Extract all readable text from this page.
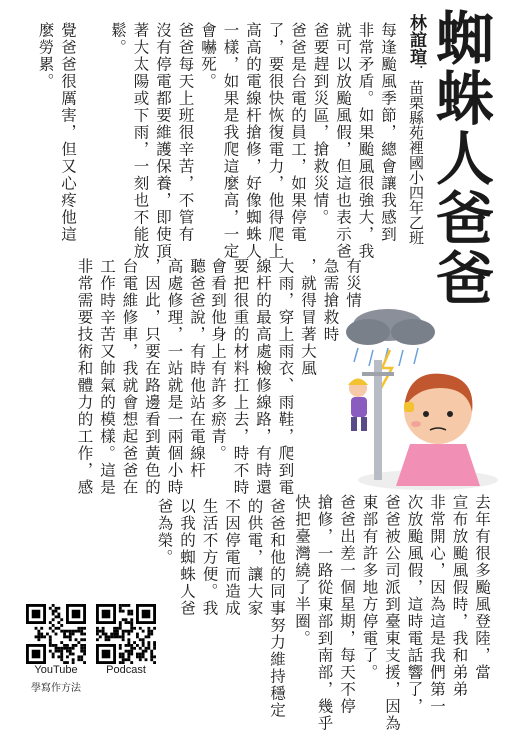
蜘蛛人爸爸
林誼瑄．苗栗縣苑裡國小四年乙班
每逢颱風季節，總會讓我感到
非常矛盾。如果颱風很強大，我
就可以放颱風假，但這也表示爸
爸要趕到災區，搶救災情。
爸爸是台電的員工，如果停電
了，要很快恢復電力，他得爬上
高高的電線杆搶修，好像蜘蛛人
一樣，如果是我爬這麼高，一定
會嚇死。
爸爸每天上班很辛苦，不管有
沒有停電都要維護保養，即使頂
著大太陽或下雨，一刻也不能放
鬆。
覺爸爸很厲害，但又心疼他這
麼勞累。
有災情
急需搶救時
，就得冒著大風
大雨，穿上雨衣、雨鞋，爬到電
線杆的最高處檢修線路，有時還
要把很重的材料扛上去，時不時
會看到他身上有許多瘀青。
聽爸爸說，有時他站在電線杆
高處修理，一站就是一兩個小時
，因此，只要在路邊看到黃色的
台電維修車，我就會想起爸爸在
工作時辛苦又帥氣的模樣。這是
非常需要技術和體力的工作，感
去年有很多颱風登陸，當
宣布放颱風假時，我和弟弟
非常開心，因為這是我們第一
次放颱風假，這時電話響了，
爸爸被公司派到臺東支援，因為
東部有許多地方停電了。
爸爸出差一個星期，每天不停
搶修，一路從東部到南部，幾乎
快把臺灣繞了半圈。
爸爸和他的同事努力維持穩定
的供電，讓大家
不因停電而造成
生活不方便。我
以我的蜘蛛人爸
爸為榮。
YouTube
學寫作方法
Podcast
